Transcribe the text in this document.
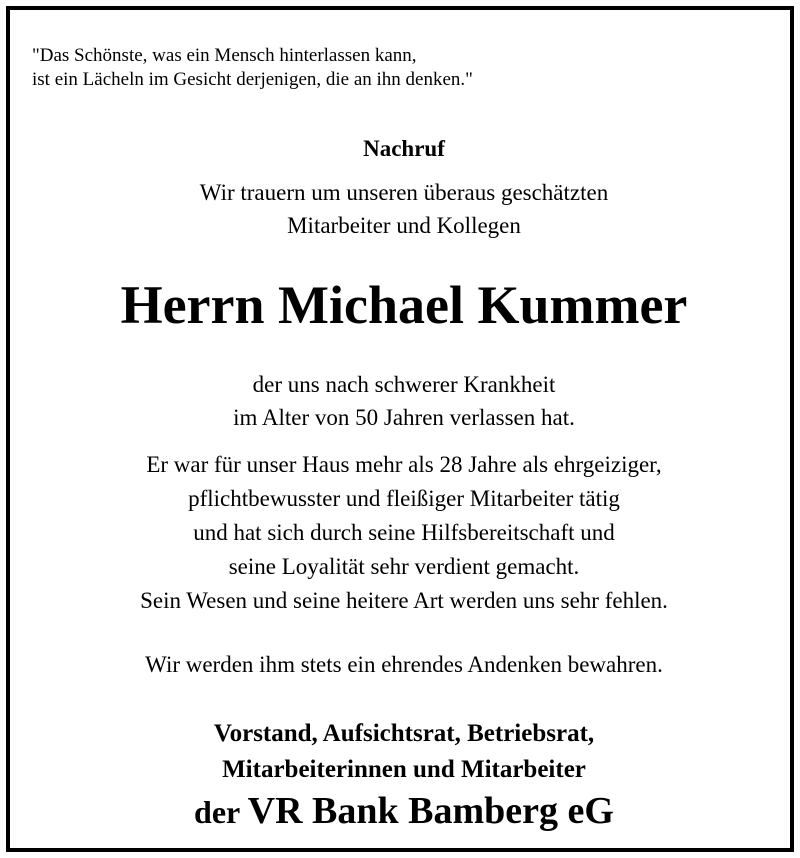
"Das Schönste, was ein Mensch hinterlassen kann,
ist ein Lächeln im Gesicht derjenigen, die an ihn denken."
Nachruf
Wir trauern um unseren überaus geschätzten
Mitarbeiter und Kollegen
Herrn Michael Kummer
der uns nach schwerer Krankheit
im Alter von 50 Jahren verlassen hat.
Er war für unser Haus mehr als 28 Jahre als ehrgeiziger,
pflichtbewusster und fleißiger Mitarbeiter tätig
und hat sich durch seine Hilfsbereitschaft und
seine Loyalität sehr verdient gemacht.
Sein Wesen und seine heitere Art werden uns sehr fehlen.
Wir werden ihm stets ein ehrendes Andenken bewahren.
Vorstand, Aufsichtsrat, Betriebsrat,
Mitarbeiterinnen und Mitarbeiter
der VR Bank Bamberg eG
